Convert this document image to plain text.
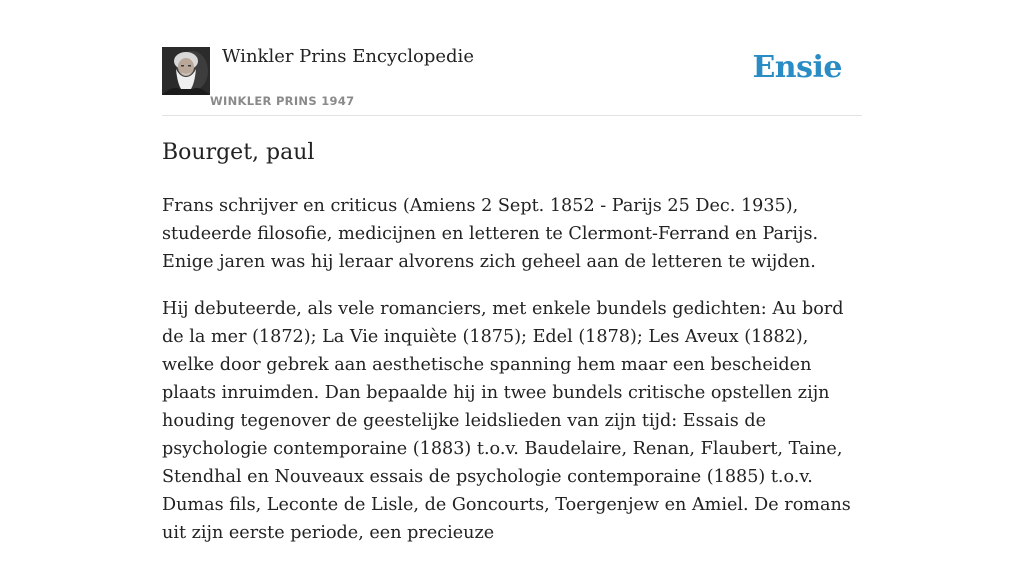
Winkler Prins Encyclopedie
WINKLER PRINS 1947
Ensie
Bourget, paul

Frans schrijver en criticus (Amiens 2 Sept. 1852 - Parijs 25 Dec. 1935), studeerde filosofie, medicijnen en letteren te Clermont-Ferrand en Parijs. Enige jaren was hij leraar alvorens zich geheel aan de letteren te wijden.

Hij debuteerde, als vele romanciers, met enkele bundels gedichten: Au bord de la mer (1872); La Vie inquiète (1875); Edel (1878); Les Aveux (1882), welke door gebrek aan aesthetische spanning hem maar een bescheiden plaats inruimden. Dan bepaalde hij in twee bundels critische opstellen zijn houding tegenover de geestelijke leidslieden van zijn tijd: Essais de psychologie contemporaine (1883) t.o.v. Baudelaire, Renan, Flaubert, Taine, Stendhal en Nouveaux essais de psychologie contemporaine (1885) t.o.v. Dumas fils, Leconte de Lisle, de Goncourts, Toergenjew en Amiel. De romans uit zijn eerste periode, een precieuze
